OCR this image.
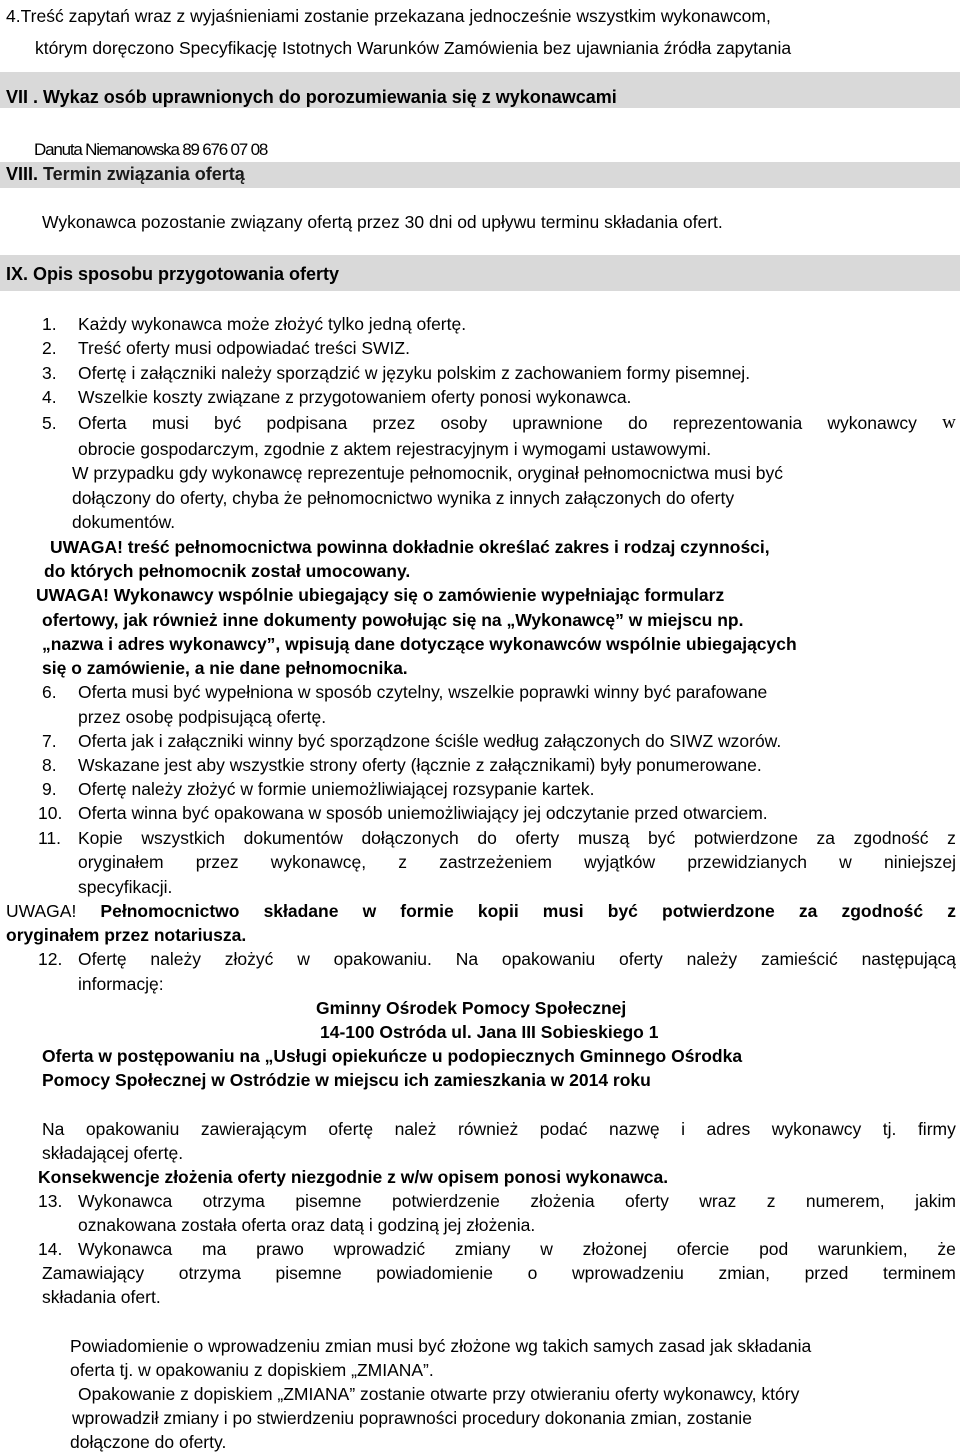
4.Treść zapytań wraz z wyjaśnieniami zostanie przekazana jednocześnie wszystkim wykonawcom,
którym doręczono Specyfikację Istotnych Warunków Zamówienia bez ujawniania źródła zapytania
VII . Wykaz osób uprawnionych do porozumiewania się z wykonawcami
Danuta Niemanowska 89 676 07 08
VIII. Termin związania ofertą
Wykonawca pozostanie związany ofertą przez 30 dni od upływu terminu składania ofert.
IX. Opis sposobu przygotowania oferty
1. Każdy wykonawca może złożyć tylko jedną ofertę.
2. Treść oferty musi odpowiadać treści SWIZ.
3. Ofertę i załączniki należy sporządzić w języku polskim z zachowaniem formy pisemnej.
4. Wszelkie koszty związane z przygotowaniem oferty ponosi wykonawca.
5. Oferta musi być podpisana przez osoby uprawnione do reprezentowania wykonawcy w
obrocie gospodarczym, zgodnie z aktem rejestracyjnym i wymogami ustawowymi.
W przypadku gdy wykonawcę reprezentuje pełnomocnik, oryginał pełnomocnictwa musi być
dołączony do oferty, chyba że pełnomocnictwo wynika z innych załączonych do oferty
dokumentów.
UWAGA! treść pełnomocnictwa powinna dokładnie określać zakres i rodzaj czynności,
do których pełnomocnik został umocowany.
UWAGA! Wykonawcy wspólnie ubiegający się o zamówienie wypełniając formularz
ofertowy, jak również inne dokumenty powołując się na „Wykonawcę” w miejscu np.
„nazwa i adres wykonawcy”, wpisują dane dotyczące wykonawców wspólnie ubiegających
się o zamówienie, a nie dane pełnomocnika.
6. Oferta musi być wypełniona w sposób czytelny, wszelkie poprawki winny być parafowane
przez osobę podpisującą ofertę.
7. Oferta jak i załączniki winny być sporządzone ściśle według załączonych do SIWZ wzorów.
8. Wskazane jest aby wszystkie strony oferty (łącznie z załącznikami) były ponumerowane.
9. Ofertę należy złożyć w formie uniemożliwiającej rozsypanie kartek.
10. Oferta winna być opakowana w sposób uniemożliwiający jej odczytanie przed otwarciem.
11. Kopie wszystkich dokumentów dołączonych do oferty muszą być potwierdzone za zgodność z
oryginałem przez wykonawcę, z zastrzeżeniem wyjątków przewidzianych w niniejszej
specyfikacji.
UWAGA! Pełnomocnictwo składane w formie kopii musi być potwierdzone za zgodność z
oryginałem przez notariusza.
12. Ofertę należy złożyć w opakowaniu. Na opakowaniu oferty należy zamieścić następującą
informację:
Gminny Ośrodek Pomocy Społecznej
14-100 Ostróda ul. Jana III Sobieskiego 1
Oferta w postępowaniu na „Usługi opiekuńcze u podopiecznych Gminnego Ośrodka
Pomocy Społecznej w Ostródzie w miejscu ich zamieszkania w 2014 roku
Na opakowaniu zawierającym ofertę należ również podać nazwę i adres wykonawcy tj. firmy
składającej ofertę.
Konsekwencje złożenia oferty niezgodnie z w/w opisem ponosi wykonawca.
13. Wykonawca otrzyma pisemne potwierdzenie złożenia oferty wraz z numerem, jakim
oznakowana została oferta oraz datą i godziną jej złożenia.
14. Wykonawca ma prawo wprowadzić zmiany w złożonej ofercie pod warunkiem, że
Zamawiający otrzyma pisemne powiadomienie o wprowadzeniu zmian, przed terminem
składania ofert.
Powiadomienie o wprowadzeniu zmian musi być złożone wg takich samych zasad jak składania
oferta tj. w opakowaniu z dopiskiem „ZMIANA”.
Opakowanie z dopiskiem „ZMIANA” zostanie otwarte przy otwieraniu oferty wykonawcy, który
wprowadził zmiany i po stwierdzeniu poprawności procedury dokonania zmian, zostanie
dołączone do oferty.
